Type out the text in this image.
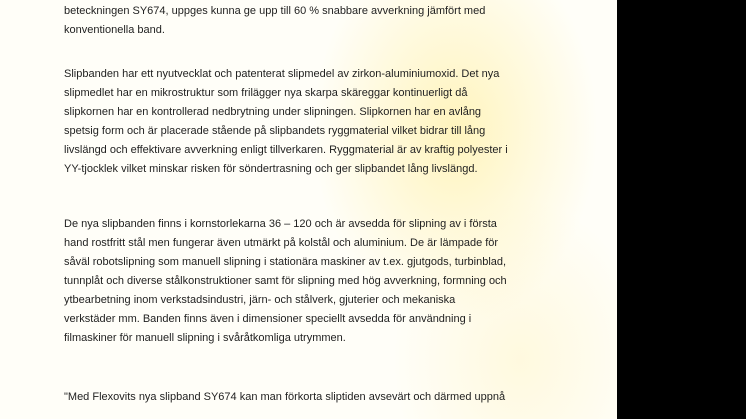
beteckningen SY674, uppges kunna ge upp till 60 % snabbare avverkning jämfört med
konventionella band.

Slipbanden har ett nyutvecklat och patenterat slipmedel av zirkon-aluminiumoxid. Det nya
slipmedlet har en mikrostruktur som frilägger nya skarpa skäreggar kontinuerligt då
slipkornen har en kontrollerad nedbrytning under slipningen. Slipkornen har en avlång
spetsig form och är placerade stående på slipbandets ryggmaterial vilket bidrar till lång
livslängd och effektivare avverkning enligt tillverkaren. Ryggmaterial är av kraftig polyester i
YY-tjocklek vilket minskar risken för söndertrasning och ger slipbandet lång livslängd.

De nya slipbanden finns i kornstorlekarna 36 – 120 och är avsedda för slipning av i första
hand rostfritt stål men fungerar även utmärkt på kolstål och aluminium. De är lämpade för
såväl robotslipning som manuell slipning i stationära maskiner av t.ex. gjutgods, turbinblad,
tunnplåt och diverse stålkonstruktioner samt för slipning med hög avverkning, formning och
ytbearbetning inom verkstadsindustri, järn- och stålverk, gjuterier och mekaniska
verkstäder mm. Banden finns även i dimensioner speciellt avsedda för användning i
filmaskiner för manuell slipning i svåråtkomliga utrymmen.

"Med Flexovits nya slipband SY674 kan man förkorta sliptiden avsevärt och därmed uppnå
